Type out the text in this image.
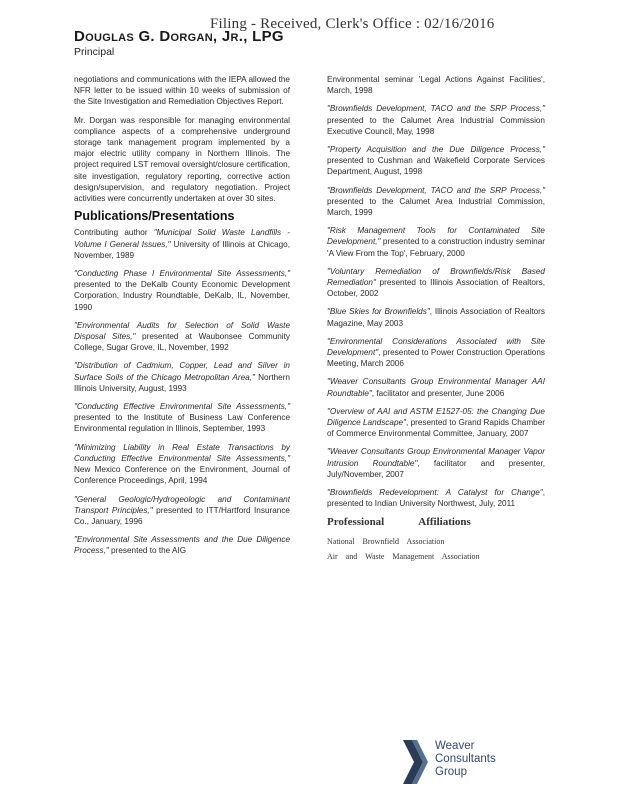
Filing - Received, Clerk's Office : 02/16/2016
Douglas G. Dorgan, Jr., LPG
Principal

negotiations and communications with the IEPA allowed the NFR letter to be issued within 10 weeks of submission of the Site Investigation and Remediation Objectives Report.

Mr. Dorgan was responsible for managing environmental compliance aspects of a comprehensive underground storage tank management program implemented by a major electric utility company in Northern Illinois. The project required LST removal oversight/closure certification, site investigation, regulatory reporting, corrective action design/supervision, and regulatory negotiation. Project activities were concurrently undertaken at over 30 sites.

Publications/Presentations

Contributing author "Municipal Solid Waste Landfills - Volume I General Issues," University of Illinois at Chicago, November, 1989

"Conducting Phase I Environmental Site Assessments," presented to the DeKalb County Economic Development Corporation, Industry Roundtable, DeKalb, IL, November, 1990

"Environmental Audits for Selection of Solid Waste Disposal Sites," presented at Waubonsee Community College, Sugar Grove, IL, November, 1992

"Distribution of Cadmium, Copper, Lead and Silver in Surface Soils of the Chicago Metropolitan Area," Northern Illinois University, August, 1993

"Conducting Effective Environmental Site Assessments," presented to the Institute of Business Law Conference Environmental regulation in Illinois, September, 1993

"Minimizing Liability in Real Estate Transactions by Conducting Effective Environmental Site Assessments," New Mexico Conference on the Environment, Journal of Conference Proceedings, April, 1994

"General Geologic/Hydrogeologic and Contaminant Transport Principles," presented to ITT/Hartford Insurance Co., January, 1996

"Environmental Site Assessments and the Due Diligence Process," presented to the AIG

Environmental seminar 'Legal Actions Against Facilities', March, 1998

"Brownfields Development, TACO and the SRP Process," presented to the Calumet Area Industrial Commission Executive Council, May, 1998

"Property Acquisition and the Due Diligence Process," presented to Cushman and Wakefield Corporate Services Department, August, 1998

"Brownfields Development, TACO and the SRP Process," presented to the Calumet Area Industrial Commission, March, 1999

"Risk Management Tools for Contaminated Site Development," presented to a construction industry seminar 'A View From the Top', February, 2000

"Voluntary Remediation of Brownfields/Risk Based Remediation" presented to Illinois Association of Realtors, October, 2002

"Blue Skies for Brownfields", Illinois Association of Realtors Magazine, May 2003

"Environmental Considerations Associated with Site Development", presented to Power Construction Operations Meeting, March 2006

"Weaver Consultants Group Environmental Manager AAI Roundtable", facilitator and presenter, June 2006

"Overview of AAI and ASTM E1527-05: the Changing Due Diligence Landscape", presented to Grand Rapids Chamber of Commerce Environmental Committee, January, 2007

"Weaver Consultants Group Environmental Manager Vapor Intrusion Roundtable", facilitator and presenter, July/November, 2007

"Brownfields Redevelopment: A Catalyst for Change", presented to Indian University Northwest, July, 2011

Professional	Affiliations
National Brownfield Association
Air and Waste Management Association
Weaver
Consultants
Group
